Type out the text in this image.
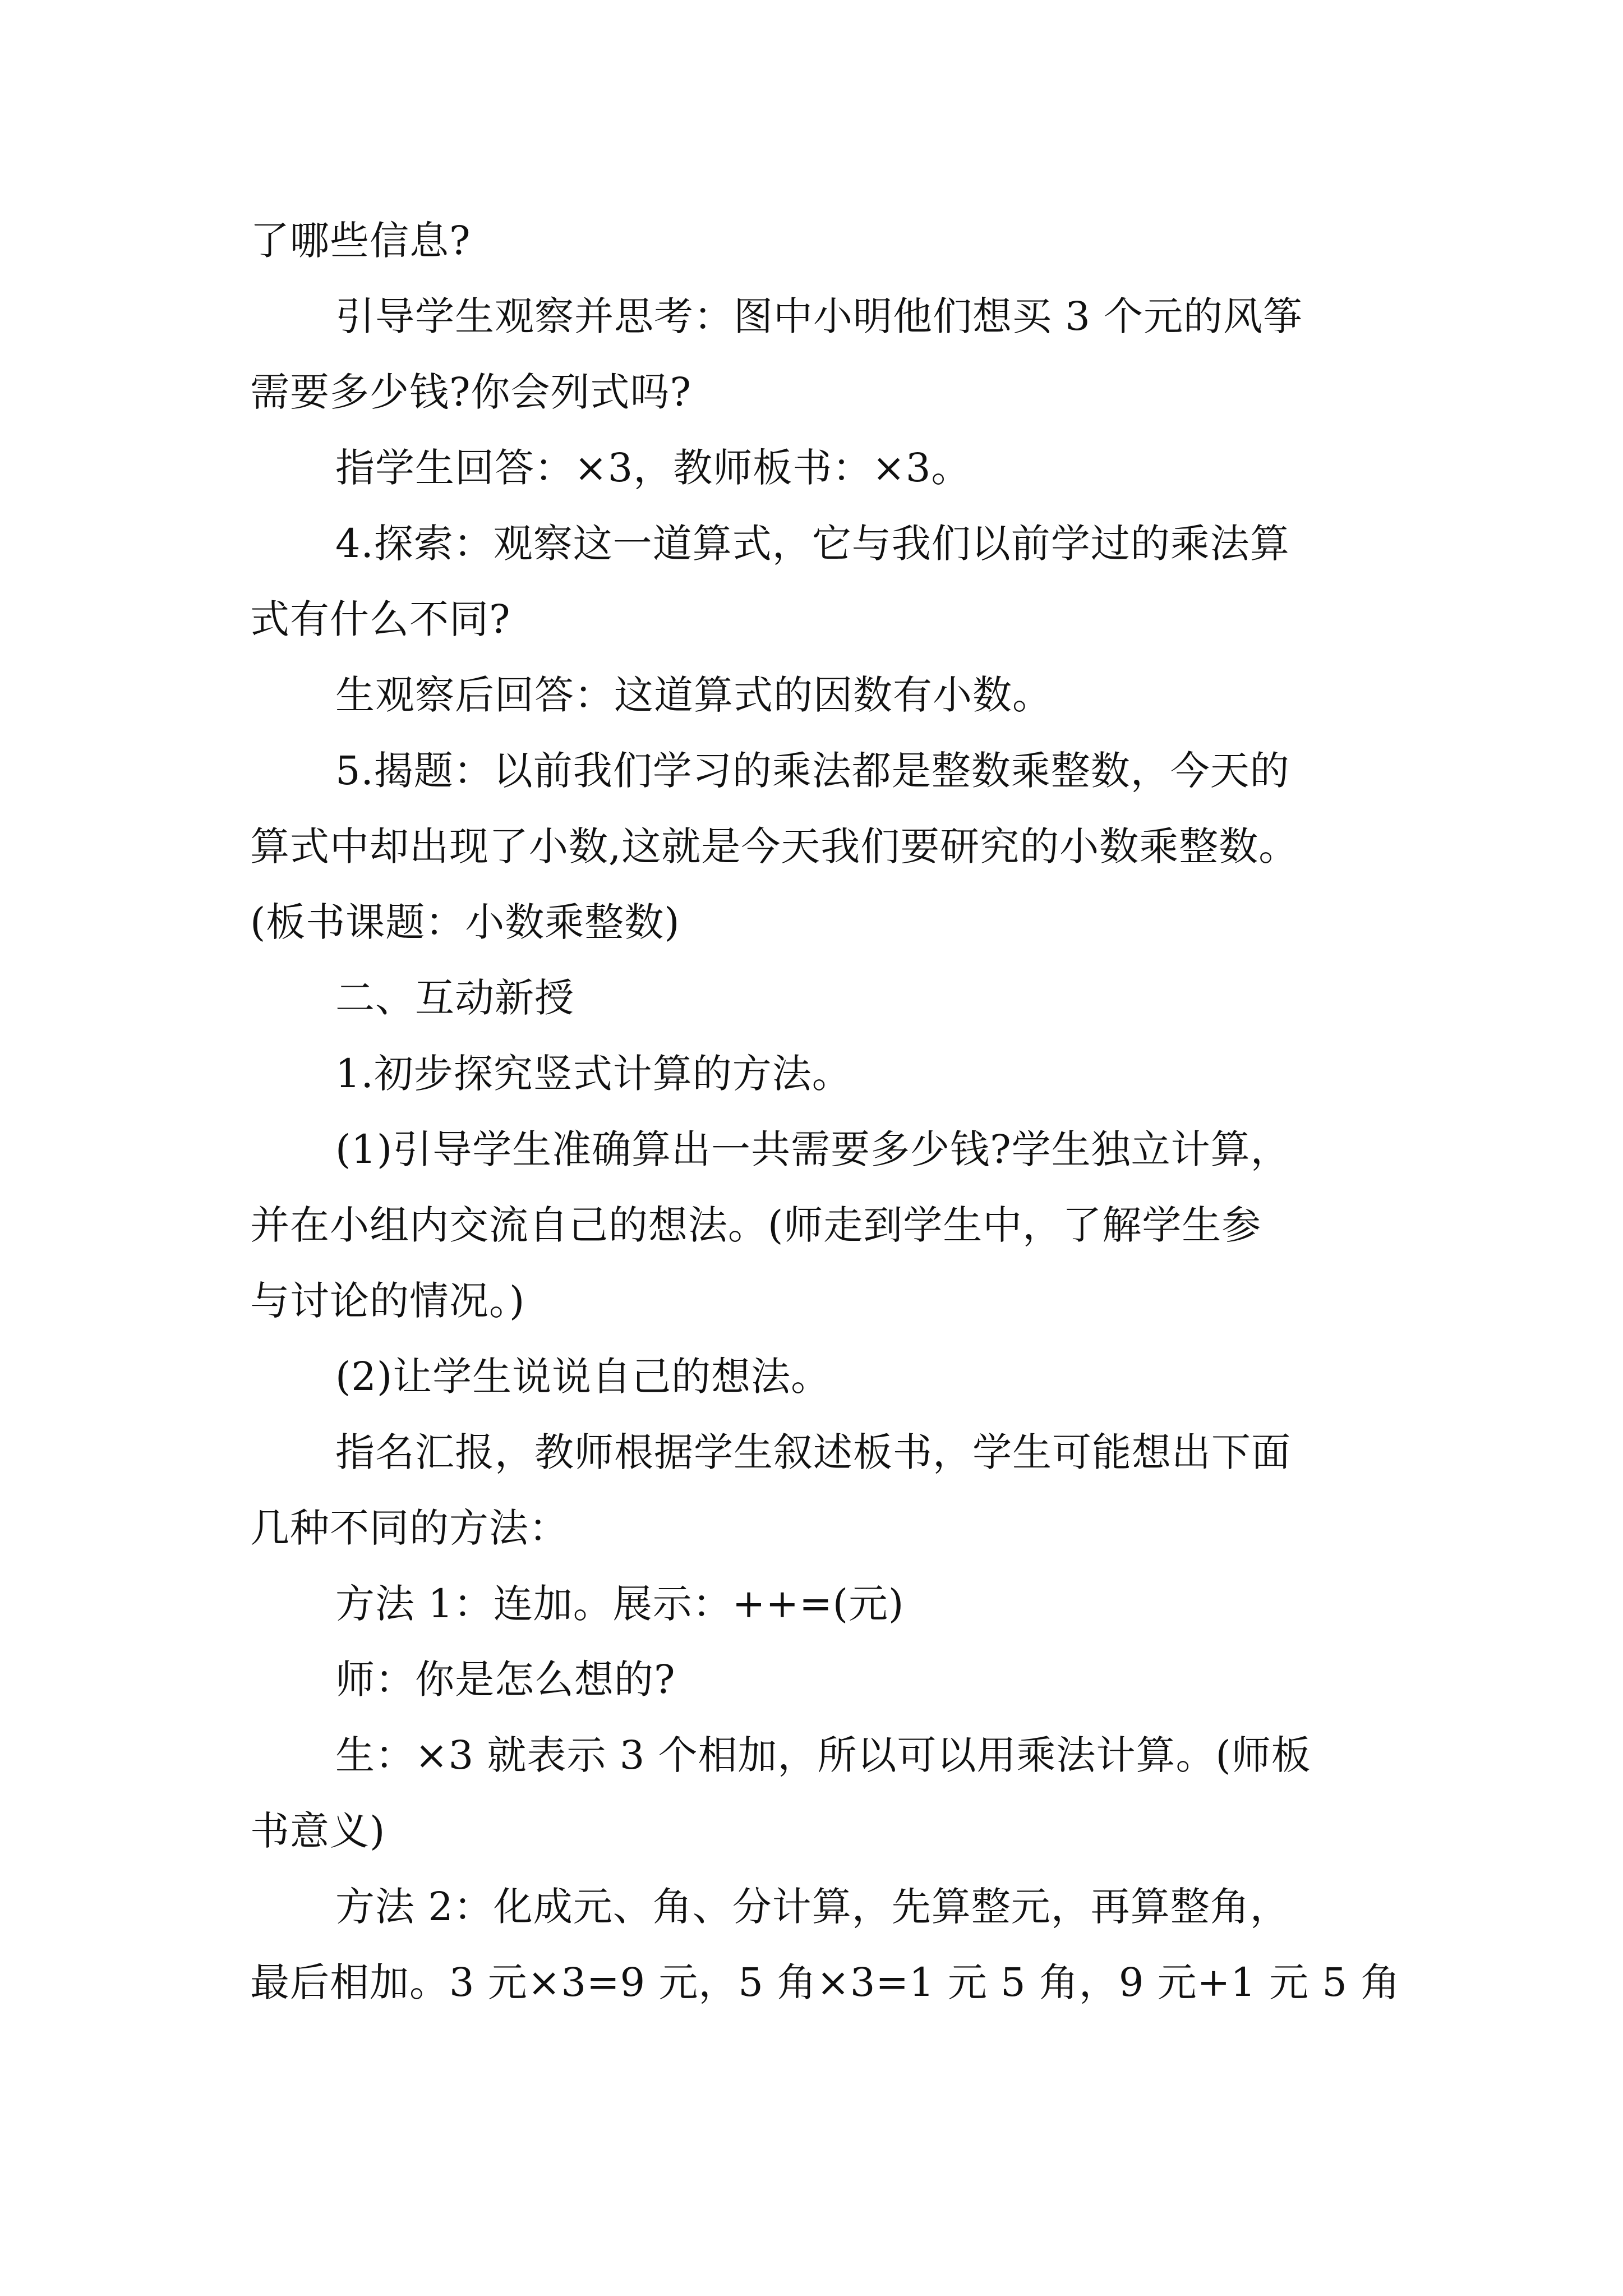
了哪些信息?
引导学生观察并思考：图中小明他们想买 3 个元的风筝
需要多少钱?你会列式吗?
指学生回答：×3，教师板书：×3。
4.探索：观察这一道算式，它与我们以前学过的乘法算
式有什么不同?
生观察后回答：这道算式的因数有小数。
5.揭题：以前我们学习的乘法都是整数乘整数，今天的
算式中却出现了小数,这就是今天我们要研究的小数乘整数。
(板书课题：小数乘整数)
二、互动新授
1.初步探究竖式计算的方法。
(1)引导学生准确算出一共需要多少钱?学生独立计算，
并在小组内交流自己的想法。(师走到学生中，了解学生参
与讨论的情况。)
(2)让学生说说自己的想法。
指名汇报，教师根据学生叙述板书，学生可能想出下面
几种不同的方法：
方法 1：连加。展示：++=(元)
师：你是怎么想的?
生：×3 就表示 3 个相加，所以可以用乘法计算。(师板
书意义)
方法 2：化成元、角、分计算，先算整元，再算整角，
最后相加。3 元×3=9 元，5 角×3=1 元 5 角，9 元+1 元 5 角
